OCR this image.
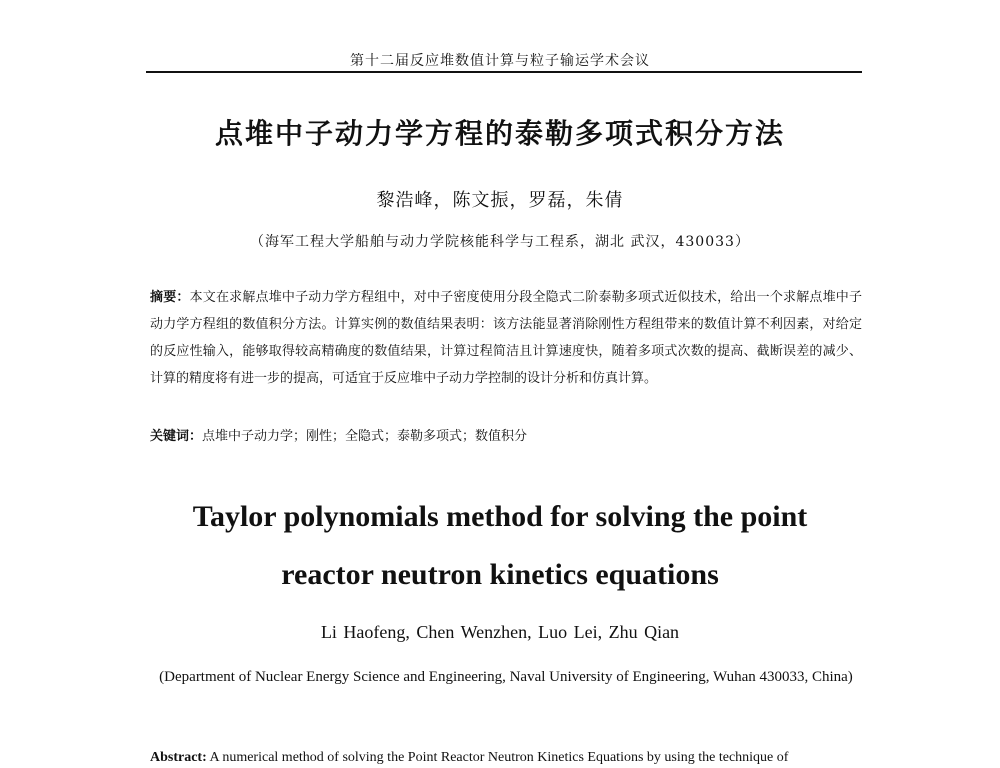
第十二届反应堆数值计算与粒子输运学术会议
点堆中子动力学方程的泰勒多项式积分方法
黎浩峰，陈文振，罗磊，朱倩
（海军工程大学船舶与动力学院核能科学与工程系，湖北 武汉，430033）
摘要：本文在求解点堆中子动力学方程组中，对中子密度使用分段全隐式二阶泰勒多项式近似技术，给出一个求解点堆中子动力学方程组的数值积分方法。计算实例的数值结果表明：该方法能显著消除刚性方程组带来的数值计算不利因素，对给定的反应性输入，能够取得较高精确度的数值结果，计算过程简洁且计算速度快，随着多项式次数的提高、截断误差的减少、计算的精度将有进一步的提高，可适宜于反应堆中子动力学控制的设计分析和仿真计算。
关键词：点堆中子动力学；刚性；全隐式；泰勒多项式；数值积分
Taylor polynomials method for solving the point
reactor neutron kinetics equations
Li Haofeng, Chen Wenzhen, Luo Lei, Zhu Qian
(Department of Nuclear Energy Science and Engineering, Naval University of Engineering, Wuhan 430033, China)
Abstract: A numerical method of solving the Point Reactor Neutron Kinetics Equations by using the technique of
